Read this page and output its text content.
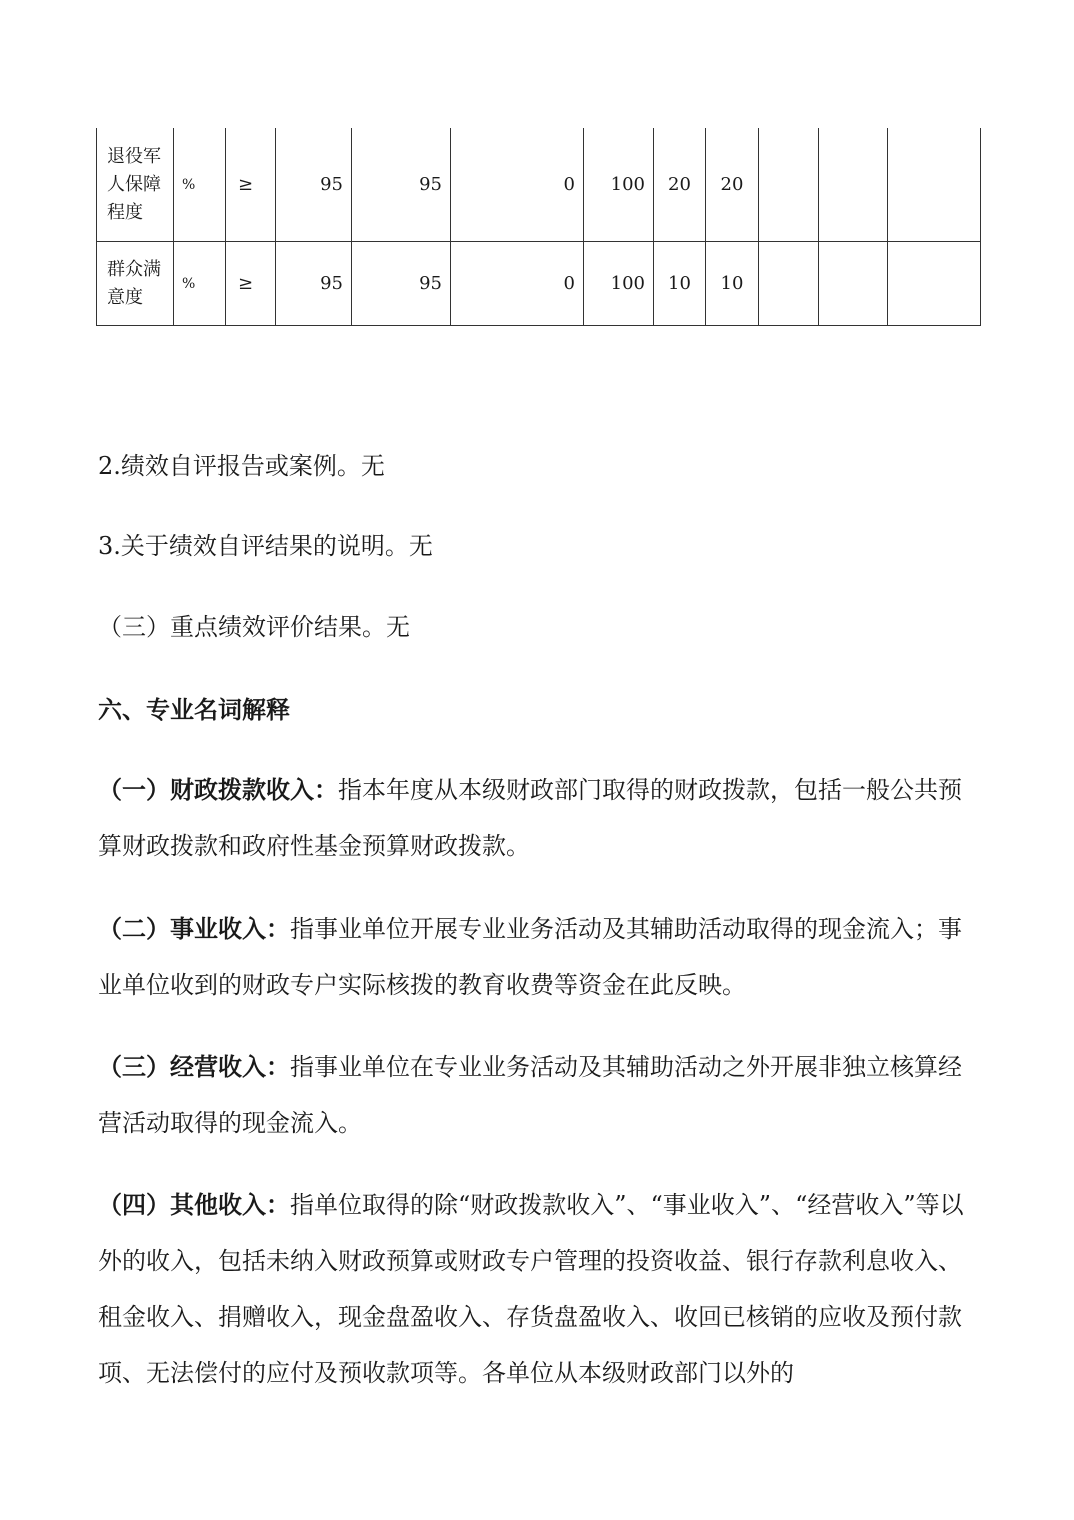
退役军人保障程度	%	≥	95	95	0	100	20	20			
群众满意度	%	≥	95	95	0	100	10	10			

2.绩效自评报告或案例。无

3.关于绩效自评结果的说明。无

（三）重点绩效评价结果。无

六、专业名词解释

（一）财政拨款收入：指本年度从本级财政部门取得的财政拨款，包括一般公共预算财政拨款和政府性基金预算财政拨款。

（二）事业收入：指事业单位开展专业业务活动及其辅助活动取得的现金流入；事业单位收到的财政专户实际核拨的教育收费等资金在此反映。

（三）经营收入：指事业单位在专业业务活动及其辅助活动之外开展非独立核算经营活动取得的现金流入。

（四）其他收入：指单位取得的除“财政拨款收入”、“事业收入”、“经营收入”等以外的收入，包括未纳入财政预算或财政专户管理的投资收益、银行存款利息收入、租金收入、捐赠收入，现金盘盈收入、存货盘盈收入、收回已核销的应收及预付款项、无法偿付的应付及预收款项等。各单位从本级财政部门以外的
